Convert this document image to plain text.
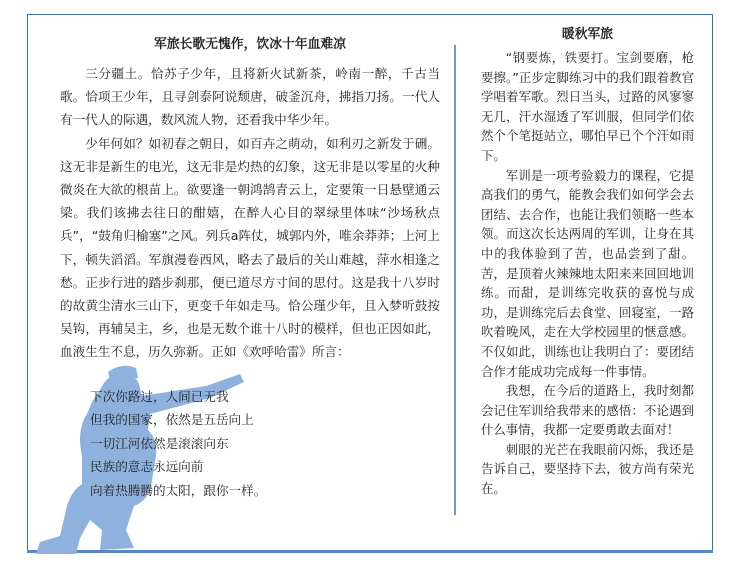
军旅长歌无愧作，饮冰十年血难凉

三分疆土。恰苏子少年，且将新火试新茶，岭南一醉，千古当歌。恰项王少年，且寻剑泰阿说颓唐，破釜沉舟，拂指刀扬。一代人有一代人的际遇，数风流人物，还看我中华少年。

少年何如？如初春之朝日，如百卉之萌动，如利刃之新发于硎。这无非是新生的电光，这无非是灼热的幻象，这无非是以零星的火种微炎在大欲的根苗上。欲要逢一朝鸿鹄青云上，定要策一日悬壁通云梁。我们该拂去往日的酣嬉，在醉人心目的翠绿里体味“沙场秋点兵”，“鼓角归榆塞”之风。列兵a阵仗，城郭内外，唯余莽莽；上河上下，顿失滔滔。军旗漫卷西风，略去了最后的关山难越，萍水相逢之愁。正步行进的踏步刹那，便已道尽方寸间的思付。这是我十八岁时的故黄尘清水三山下，更变千年如走马。恰公瑾少年，且入梦听鼓按吴钩，再辅吴主，乡，也是无数个谁十八时的模样，但也正因如此，血液生生不息，历久弥新。正如《欢呼哈雷》所言：

下次你路过，人间已无我
但我的国家，依然是五岳向上
一切江河依然是滚滚向东
民族的意志永远向前
向着热腾腾的太阳，跟你一样。
暖秋军旅

“钢要炼，铁要打。宝剑要磨，枪要擦。”正步定脚练习中的我们跟着教官学唱着军歌。烈日当头，过路的风寥寥无几，汗水湿透了军训服，但同学们依然个个笔挺站立，哪怕早已个个汗如雨下。

军训是一项考验毅力的课程，它提高我们的勇气，能教会我们如何学会去团结、去合作，也能让我们领略一些本领。而这次长达两周的军训，让身在其中的我体验到了苦，也品尝到了甜。苦，是顶着火辣辣地太阳来来回回地训练。而甜，是训练完收获的喜悦与成功，是训练完后去食堂、回寝室，一路吹着晚风，走在大学校园里的惬意感。不仅如此，训练也让我明白了：要团结合作才能成功完成每一件事情。

我想，在今后的道路上，我时刻都会记住军训给我带来的感悟：不论遇到什么事情，我都一定要勇敢去面对！

刺眼的光芒在我眼前闪烁，我还是告诉自己，要坚持下去，彼方尚有荣光在。
